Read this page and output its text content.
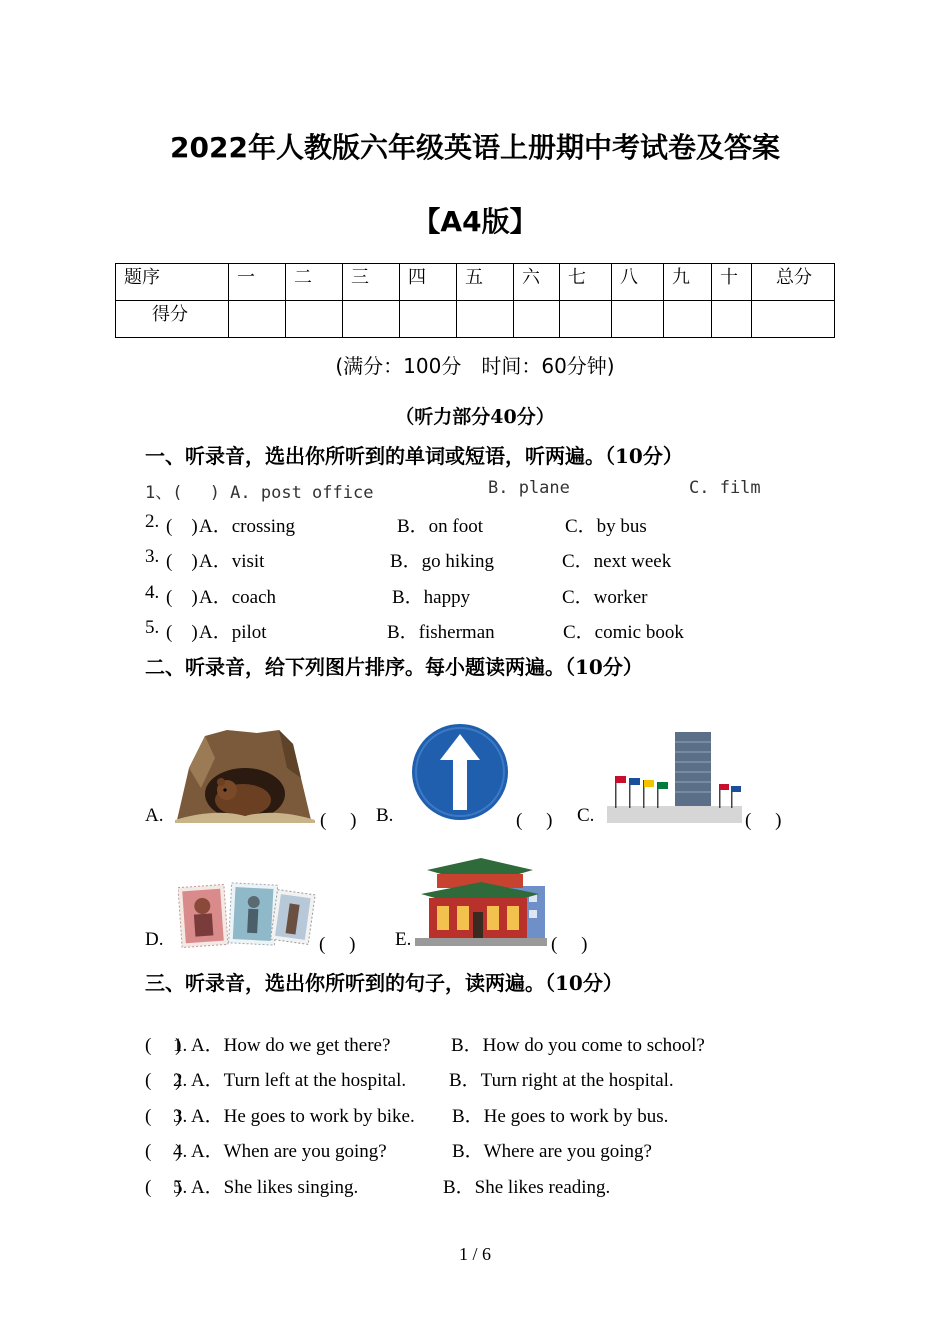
2022年人教版六年级英语上册期中考试卷及答案
【A4版】
题序	一	二	三	四	五	六	七	八	九	十	总分
得分											
(满分：100分　时间：60分钟)
（听力部分40分）
一、听录音，选出你所听到的单词或短语，听两遍。（10分）
1、(　 ) A. post office	B. plane	C. film
2. (　) A．crossing	B．on foot	C．by bus
3. (　) A．visit	B．go hiking	C．next week
4. (　) A．coach	B．happy	C．worker
5. (　) A．pilot	B．fisherman	C．comic book
二、听录音，给下列图片排序。每小题读两遍。（10分）
A.	(　 ) B.	(　 ) C.	(　 )
D.	(　 ) E.	(　 )
三、听录音，选出你所听到的句子，读两遍。（10分）
(　 )
1. A．How do we get there?	B．How do you come to school?
(　 )
2. A．Turn left at the hospital. B．Turn right at the hospital.
(　 )
3. A．He goes to work by bike. B．He goes to work by bus.
(　 )
4. A．When are you going?	B．Where are you going?
(　 )
5. A．She likes singing.	B．She likes reading.
1 / 6
